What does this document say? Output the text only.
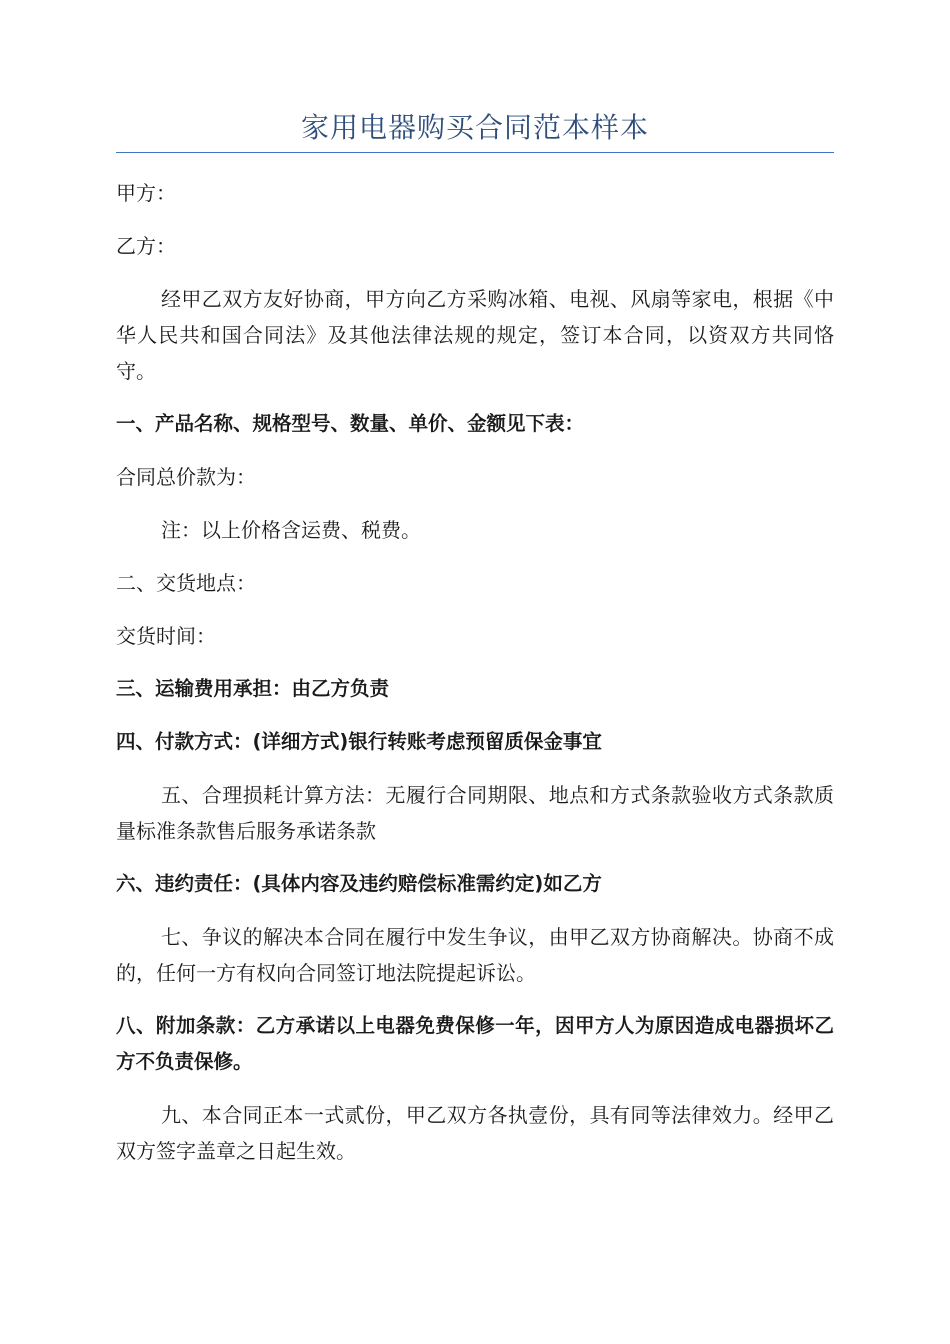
家用电器购买合同范本样本

甲方：

乙方：

经甲乙双方友好协商，甲方向乙方采购冰箱、电视、风扇等家电，根据《中华人民共和国合同法》及其他法律法规的规定，签订本合同，以资双方共同恪守。

一、产品名称、规格型号、数量、单价、金额见下表：

合同总价款为：

注：以上价格含运费、税费。

二、交货地点：

交货时间：

三、运输费用承担：由乙方负责

四、付款方式：(详细方式)银行转账考虑预留质保金事宜

五、合理损耗计算方法：无履行合同期限、地点和方式条款验收方式条款质量标准条款售后服务承诺条款

六、违约责任：(具体内容及违约赔偿标准需约定)如乙方

七、争议的解决本合同在履行中发生争议，由甲乙双方协商解决。协商不成的，任何一方有权向合同签订地法院提起诉讼。

八、附加条款：乙方承诺以上电器免费保修一年，因甲方人为原因造成电器损坏乙方不负责保修。

九、本合同正本一式贰份，甲乙双方各执壹份，具有同等法律效力。经甲乙双方签字盖章之日起生效。
